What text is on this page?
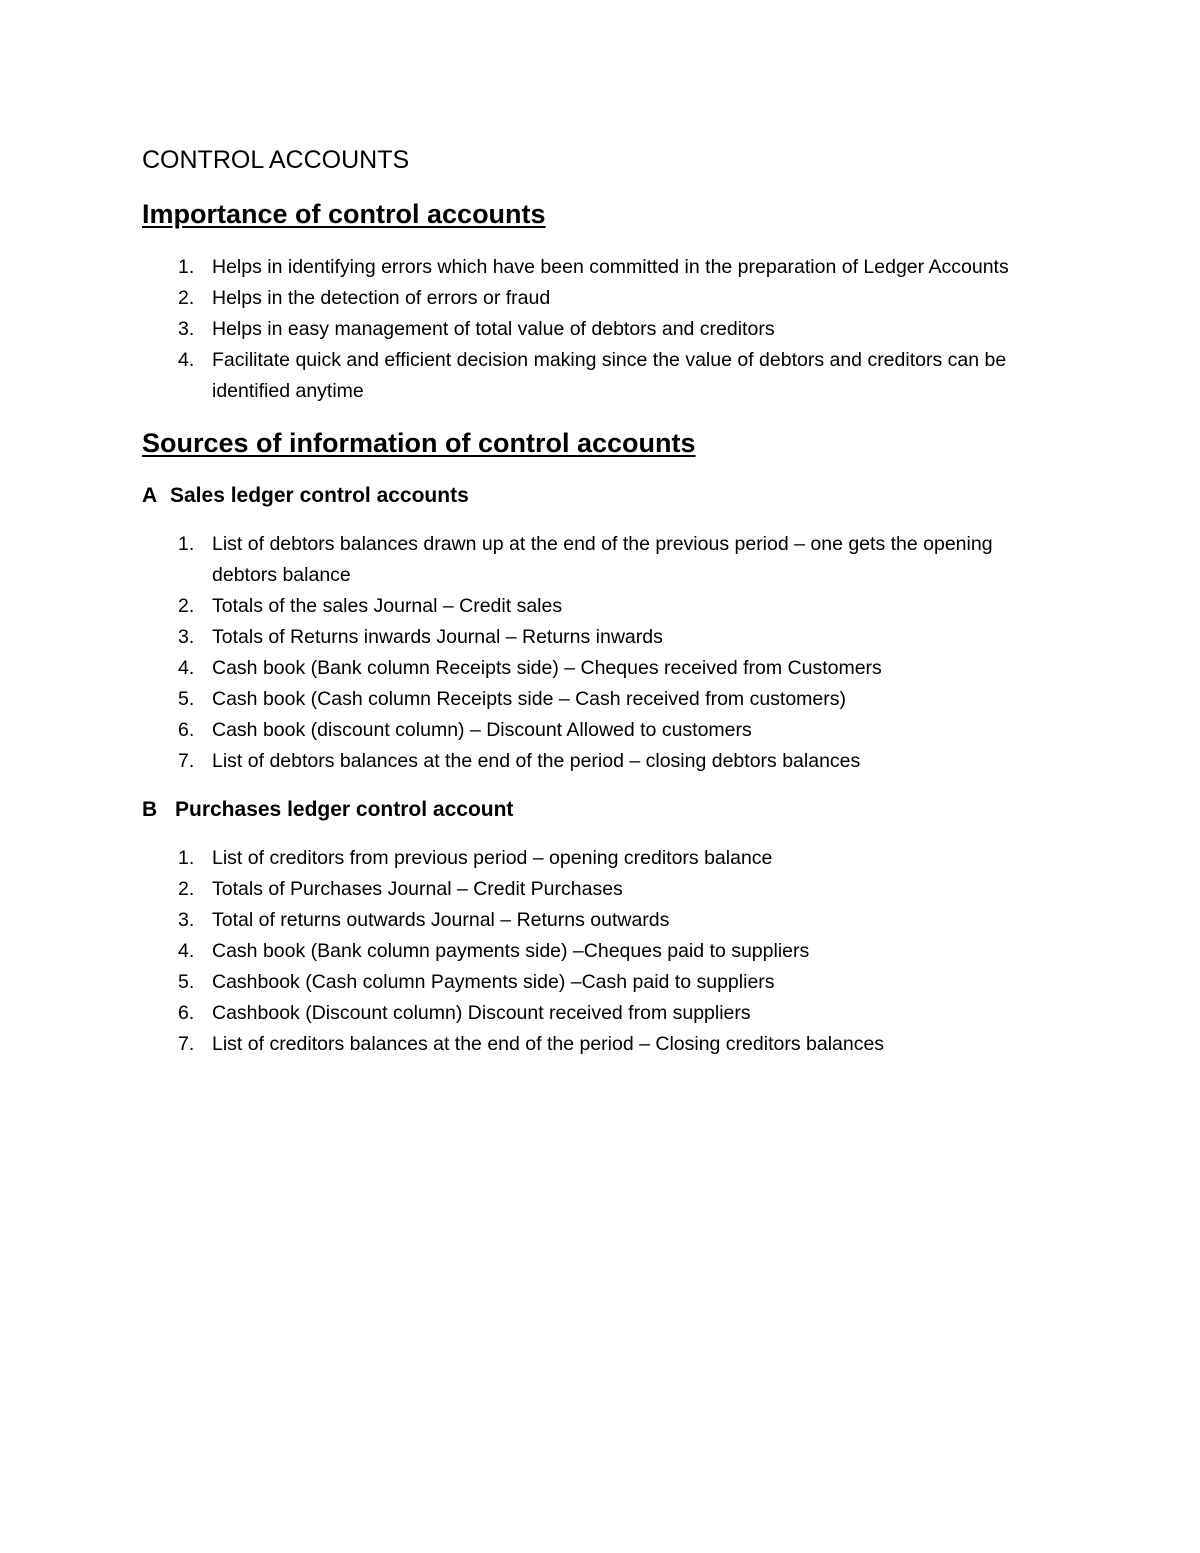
CONTROL ACCOUNTS
Importance of control accounts
1. Helps in identifying errors which have been committed in the preparation of Ledger Accounts
2. Helps in the detection of errors or fraud
3. Helps in easy management of total value of debtors and creditors
4. Facilitate quick and efficient decision making since the value of debtors and creditors can be identified anytime
Sources of information of control accounts
A Sales ledger control accounts
1. List of debtors balances drawn up at the end of the previous period – one gets the opening debtors balance
2. Totals of the sales Journal – Credit sales
3. Totals of Returns inwards Journal – Returns inwards
4. Cash book (Bank column Receipts side) – Cheques received from Customers
5. Cash book (Cash column Receipts side – Cash received from customers)
6. Cash book (discount column) – Discount Allowed to customers
7. List of debtors balances at the end of the period – closing debtors balances
B Purchases ledger control account
1. List of creditors from previous period – opening creditors balance
2. Totals of Purchases Journal – Credit Purchases
3. Total of returns outwards Journal – Returns outwards
4. Cash book (Bank column payments side) –Cheques paid to suppliers
5. Cashbook (Cash column Payments side) –Cash paid to suppliers
6. Cashbook (Discount column) Discount received from suppliers
7. List of creditors balances at the end of the period – Closing creditors balances
